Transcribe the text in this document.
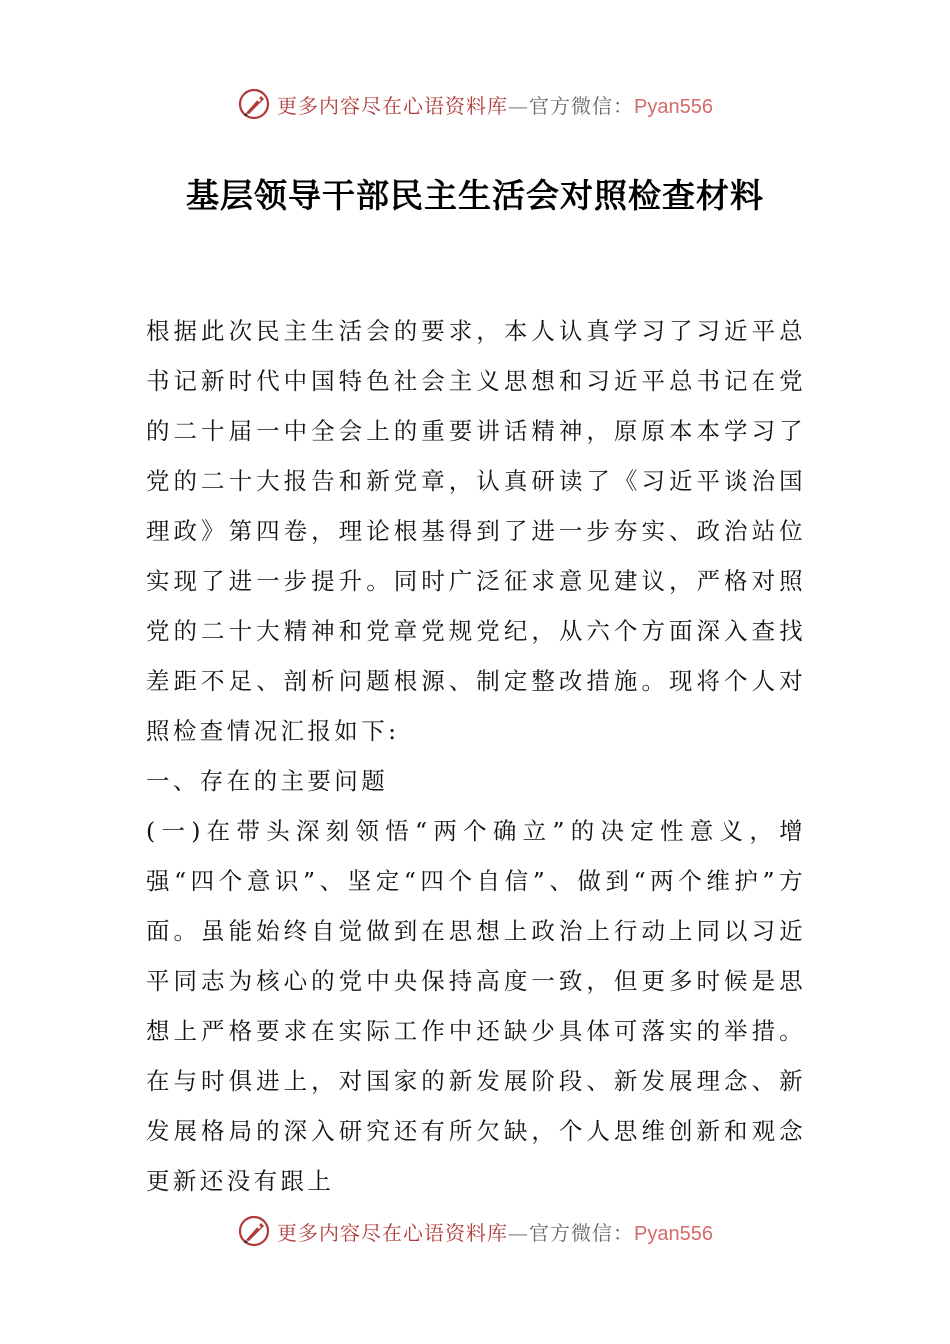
更多内容尽在心语资料库—官方微信：Pyan556
基层领导干部民主生活会对照检查材料

根据此次民主生活会的要求，本人认真学习了习近平总书记新时代中国特色社会主义思想和习近平总书记在党的二十届一中全会上的重要讲话精神，原原本本学习了党的二十大报告和新党章，认真研读了《习近平谈治国理政》第四卷，理论根基得到了进一步夯实、政治站位实现了进一步提升。同时广泛征求意见建议，严格对照党的二十大精神和党章党规党纪，从六个方面深入查找差距不足、剖析问题根源、制定整改措施。现将个人对照检查情况汇报如下:

一、存在的主要问题

(一)在带头深刻领悟“两个确立”的决定性意义，增强“四个意识”、坚定“四个自信”、做到“两个维护”方面。虽能始终自觉做到在思想上政治上行动上同以习近平同志为核心的党中央保持高度一致，但更多时候是思想上严格要求在实际工作中还缺少具体可落实的举措。在与时俱进上，对国家的新发展阶段、新发展理念、新发展格局的深入研究还有所欠缺，个人思维创新和观念更新还没有跟上

更多内容尽在心语资料库—官方微信：Pyan556
